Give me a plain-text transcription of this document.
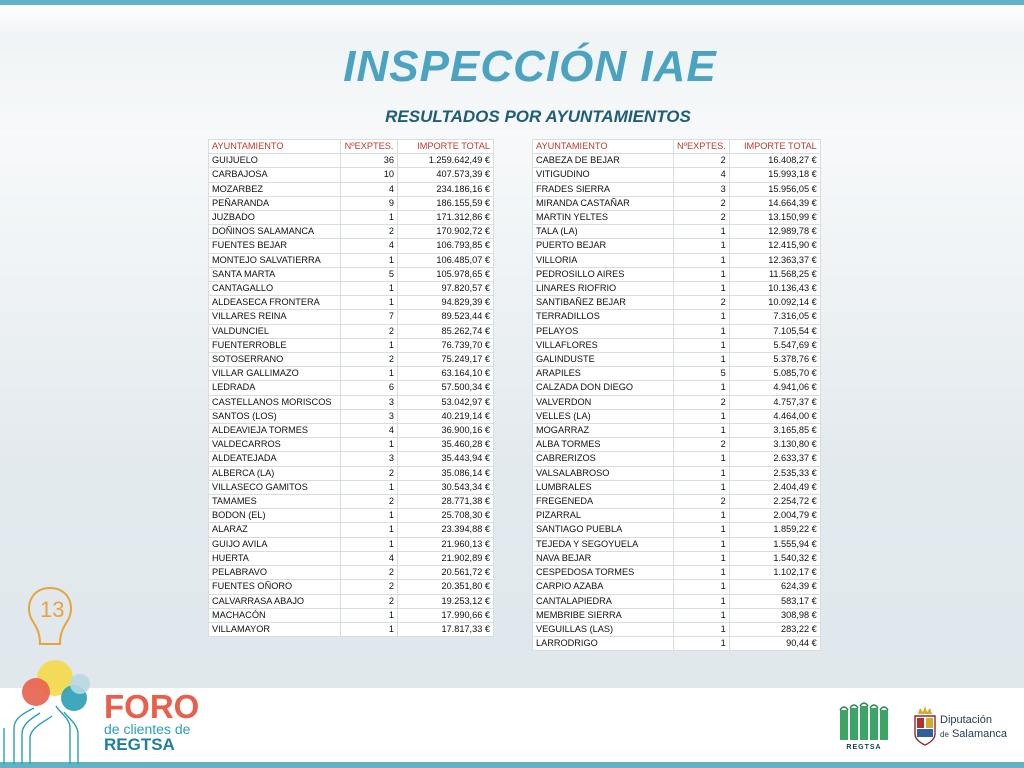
INSPECCIÓN IAE
RESULTADOS POR AYUNTAMIENTOS
AYUNTAMIENTO	NºEXPTES.	IMPORTE TOTAL
GUIJUELO	36	1.259.642,49 €
CARBAJOSA	10	407.573,39 €
MOZARBEZ	4	234.186,16 €
PEÑARANDA	9	186.155,59 €
JUZBADO	1	171.312,86 €
DOÑINOS SALAMANCA	2	170.902,72 €
FUENTES BEJAR	4	106.793,85 €
MONTEJO SALVATIERRA	1	106.485,07 €
SANTA MARTA	5	105.978,65 €
CANTAGALLO	1	97.820,57 €
ALDEASECA FRONTERA	1	94.829,39 €
VILLARES REINA	7	89.523,44 €
VALDUNCIEL	2	85.262,74 €
FUENTERROBLE	1	76.739,70 €
SOTOSERRANO	2	75.249,17 €
VILLAR GALLIMAZO	1	63.164,10 €
LEDRADA	6	57.500,34 €
CASTELLANOS MORISCOS	3	53.042,97 €
SANTOS (LOS)	3	40.219,14 €
ALDEAVIEJA TORMES	4	36.900,16 €
VALDECARROS	1	35.460,28 €
ALDEATEJADA	3	35.443,94 €
ALBERCA (LA)	2	35.086,14 €
VILLASECO GAMITOS	1	30.543,34 €
TAMAMES	2	28.771,38 €
BODON (EL)	1	25.708,30 €
ALARAZ	1	23.394,88 €
GUIJO AVILA	1	21.960,13 €
HUERTA	4	21.902,89 €
PELABRAVO	2	20.561,72 €
FUENTES OÑORO	2	20.351,80 €
CALVARRASA ABAJO	2	19.253,12 €
MACHACÓN	1	17.990,66 €
VILLAMAYOR	1	17.817,33 €
AYUNTAMIENTO	NºEXPTES.	IMPORTE TOTAL
CABEZA DE BEJAR	2	16.408,27 €
VITIGUDINO	4	15.993,18 €
FRADES SIERRA	3	15.956,05 €
MIRANDA CASTAÑAR	2	14.664,39 €
MARTIN YELTES	2	13.150,99 €
TALA (LA)	1	12.989,78 €
PUERTO BEJAR	1	12.415,90 €
VILLORIA	1	12.363,37 €
PEDROSILLO AIRES	1	11.568,25 €
LINARES RIOFRIO	1	10.136,43 €
SANTIBAÑEZ BEJAR	2	10.092,14 €
TERRADILLOS	1	7.316,05 €
PELAYOS	1	7.105,54 €
VILLAFLORES	1	5.547,69 €
GALINDUSTE	1	5.378,76 €
ARAPILES	5	5.085,70 €
CALZADA DON DIEGO	1	4.941,06 €
VALVERDON	2	4.757,37 €
VELLES (LA)	1	4.464,00 €
MOGARRAZ	1	3.165,85 €
ALBA TORMES	2	3.130,80 €
CABRERIZOS	1	2.633,37 €
VALSALABROSO	1	2.535,33 €
LUMBRALES	1	2.404,49 €
FREGENEDA	2	2.254,72 €
PIZARRAL	1	2.004,79 €
SANTIAGO PUEBLA	1	1.859,22 €
TEJEDA Y SEGOYUELA	1	1.555,94 €
NAVA BEJAR	1	1.540,32 €
CESPEDOSA TORMES	1	1.102,17 €
CARPIO AZABA	1	624,39 €
CANTALAPIEDRA	1	583,17 €
MEMBRIBE SIERRA	1	308,98 €
VEGUILLAS (LAS)	1	283,22 €
LARRODRIGO	1	90,44 €
13
FORO
de clientes de
REGTSA	REGTSA
Diputación
de Salamanca
